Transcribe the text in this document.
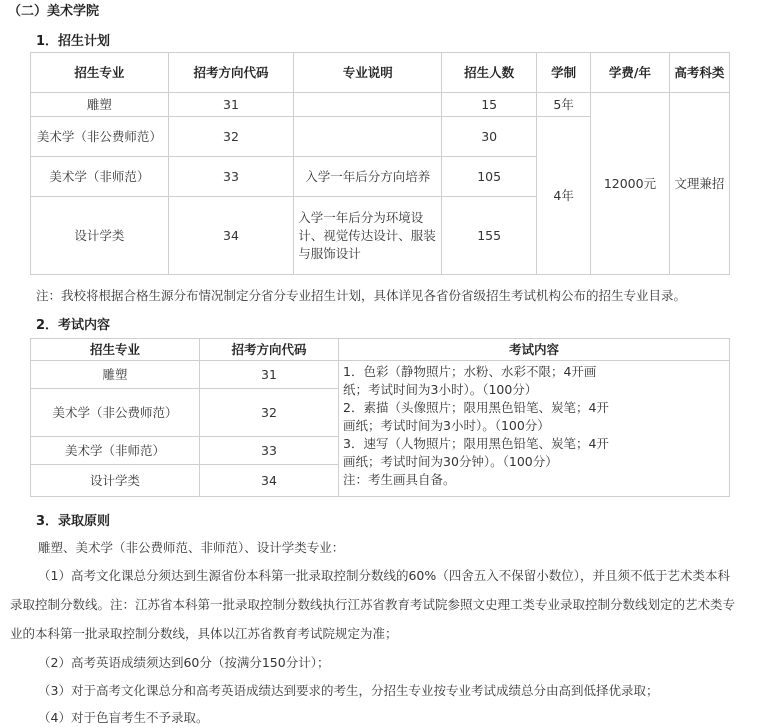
（二）美术学院
1．招生计划
招生专业	招考方向代码	专业说明	招生人数	学制	学费/年	高考科类
雕塑	31		15	5年	12000元	文理兼招
美术学（非公费师范）	32		30	4年		
美术学（非师范）	33	入学一年后分方向培养	105			
设计学类	34	入学一年后分为环境设计、视觉传达设计、服装与服饰设计	155			
注：我校将根据合格生源分布情况制定分省分专业招生计划，具体详见各省份省级招生考试机构公布的招生专业目录。
2．考试内容
招生专业	招考方向代码	考试内容
雕塑	31	1．色彩（静物照片；水粉、水彩不限；4开画纸；考试时间为3小时）。（100分）
2．素描（头像照片；限用黑色铅笔、炭笔；4开画纸；考试时间为3小时）。（100分）
3．速写（人物照片；限用黑色铅笔、炭笔；4开画纸；考试时间为30分钟）。（100分）
注：考生画具自备。

美术学（非公费师范）	32	
美术学（非师范）	33	
设计学类	34	
3．录取原则
雕塑、美术学（非公费师范、非师范）、设计学类专业：
（1）高考文化课总分须达到生源省份本科第一批录取控制分数线的60%（四舍五入不保留小数位），并且须不低于艺术类本科
录取控制分数线。注：江苏省本科第一批录取控制分数线执行江苏省教育考试院参照文史理工类专业录取控制分数线划定的艺术类专
业的本科第一批录取控制分数线，具体以江苏省教育考试院规定为准；
（2）高考英语成绩须达到60分（按满分150分计）；
（3）对于高考文化课总分和高考英语成绩达到要求的考生，分招生专业按专业考试成绩总分由高到低择优录取；
（4）对于色盲考生不予录取。
